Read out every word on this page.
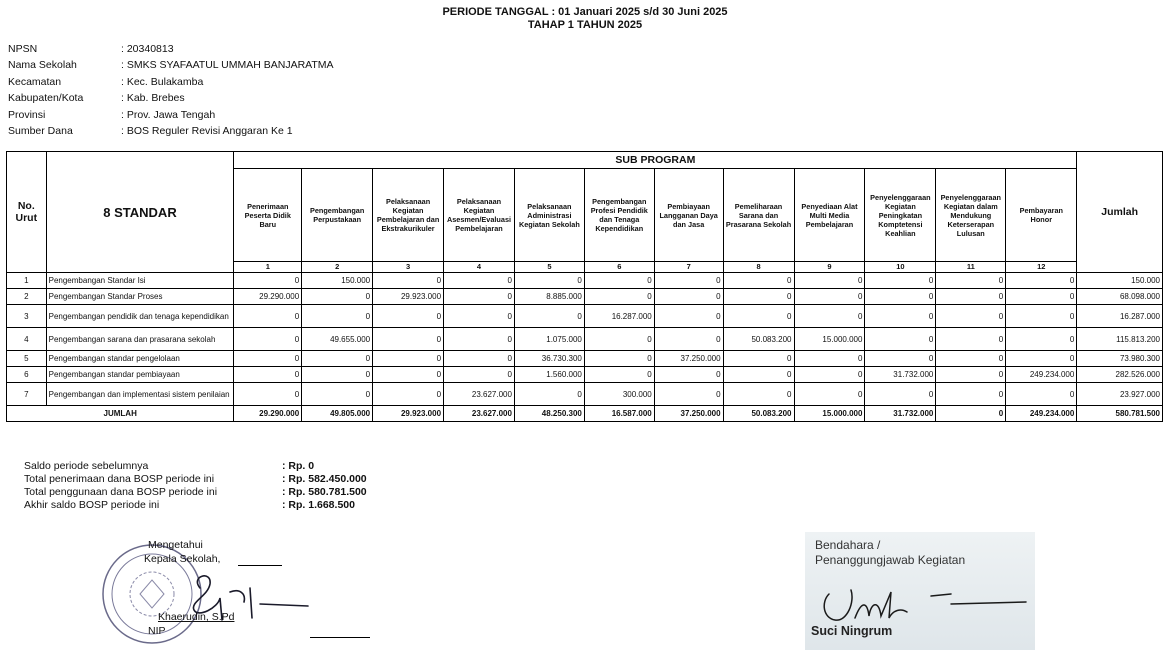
PERIODE TANGGAL : 01 Januari 2025 s/d 30 Juni 2025
TAHAP 1 TAHUN 2025
NPSN	: 20340813
Nama Sekolah	: SMKS SYAFAATUL UMMAH BANJARATMA
Kecamatan	: Kec. Bulakamba
Kabupaten/Kota	: Kab. Brebes
Provinsi	: Prov. Jawa Tengah
Sumber Dana	: BOS Reguler Revisi Anggaran Ke 1
No. Urut	8 STANDAR	SUB PROGRAM												Jumlah
		Penerimaan Peserta Didik Baru	Pengembangan Perpustakaan	Pelaksanaan Kegiatan Pembelajaran dan Ekstrakurikuler	Pelaksanaan Kegiatan Asesmen/Evaluasi Pembelajaran	Pelaksanaan Administrasi Kegiatan Sekolah	Pengembangan Profesi Pendidik dan Tenaga Kependidikan	Pembiayaan Langganan Daya dan Jasa	Pemeliharaan Sarana dan Prasarana Sekolah	Penyediaan Alat Multi Media Pembelajaran	Penyelenggaraan Kegiatan Peningkatan Komptetensi Keahlian	Penyelenggaraan Kegiatan dalam Mendukung Keterserapan Lulusan	Pembayaran Honor	
		1	2	3	4	5	6	7	8	9	10	11	12	
1	Pengembangan Standar Isi	0	150.000	0	0	0	0	0	0	0	0	0	0	150.000
2	Pengembangan Standar Proses	29.290.000	0	29.923.000	0	8.885.000	0	0	0	0	0	0	0	68.098.000
3	Pengembangan pendidik dan tenaga kependidikan	0	0	0	0	0	16.287.000	0	0	0	0	0	0	16.287.000
4	Pengembangan sarana dan prasarana sekolah	0	49.655.000	0	0	1.075.000	0	0	50.083.200	15.000.000	0	0	0	115.813.200
5	Pengembangan standar pengelolaan	0	0	0	0	36.730.300	0	37.250.000	0	0	0	0	0	73.980.300
6	Pengembangan standar pembiayaan	0	0	0	0	1.560.000	0	0	0	0	31.732.000	0	249.234.000	282.526.000
7	Pengembangan dan implementasi sistem penilaian	0	0	0	23.627.000	0	300.000	0	0	0	0	0	0	23.927.000
JUMLAH		29.290.000	49.805.000	29.923.000	23.627.000	48.250.300	16.587.000	37.250.000	50.083.200	15.000.000	31.732.000	0	249.234.000	580.781.500
Saldo periode sebelumnya	: Rp. 0
Total penerimaan dana BOSP periode ini	: Rp. 582.450.000
Total penggunaan dana BOSP periode ini	: Rp. 580.781.500
Akhir saldo BOSP periode ini	: Rp. 1.668.500
Mengetahui
Kepala Sekolah,
Khaerudin, S.Pd
NIP
Bendahara /
Penanggungjawab Kegiatan
Suci Ningrum
